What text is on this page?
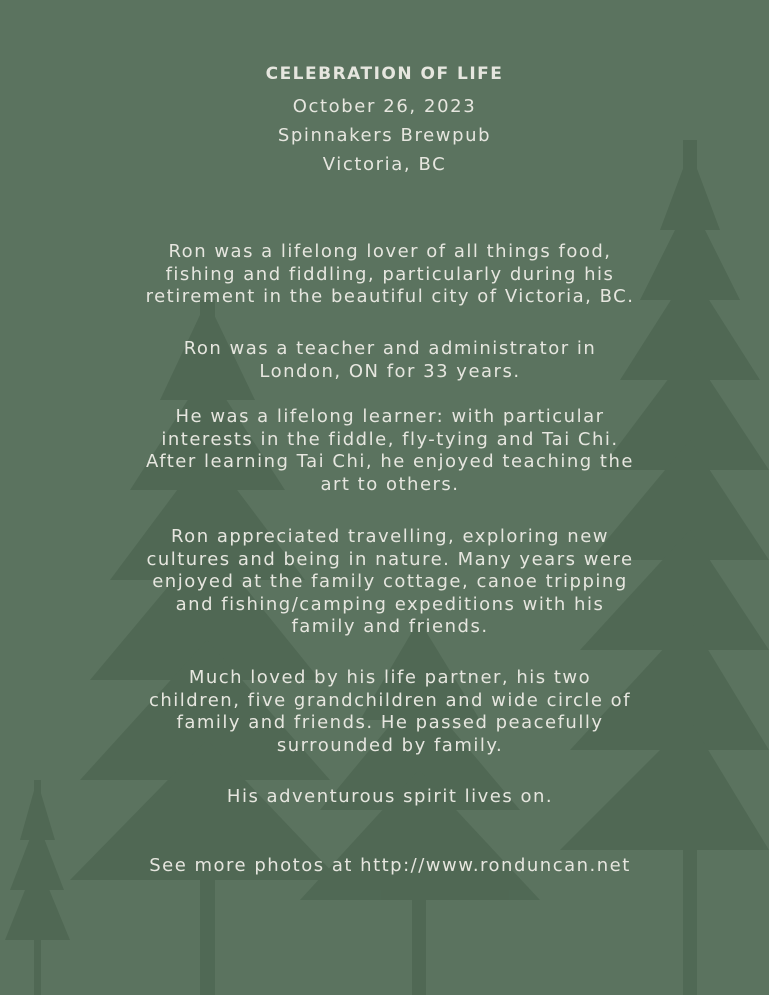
CELEBRATION OF LIFE
October 26, 2023
Spinnakers Brewpub
Victoria, BC
Ron was a lifelong lover of all things food,
fishing and fiddling, particularly during his
retirement in the beautiful city of Victoria, BC.
Ron was a teacher and administrator in
London, ON for 33 years.
He was a lifelong learner: with particular
interests in the fiddle, fly-tying and Tai Chi.
After learning Tai Chi, he enjoyed teaching the
art to others.
Ron appreciated travelling, exploring new
cultures and being in nature. Many years were
enjoyed at the family cottage, canoe tripping
and fishing/camping expeditions with his
family and friends.
Much loved by his life partner, his two
children, five grandchildren and wide circle of
family and friends. He passed peacefully
surrounded by family.
His adventurous spirit lives on.
See more photos at http://www.ronduncan.net
